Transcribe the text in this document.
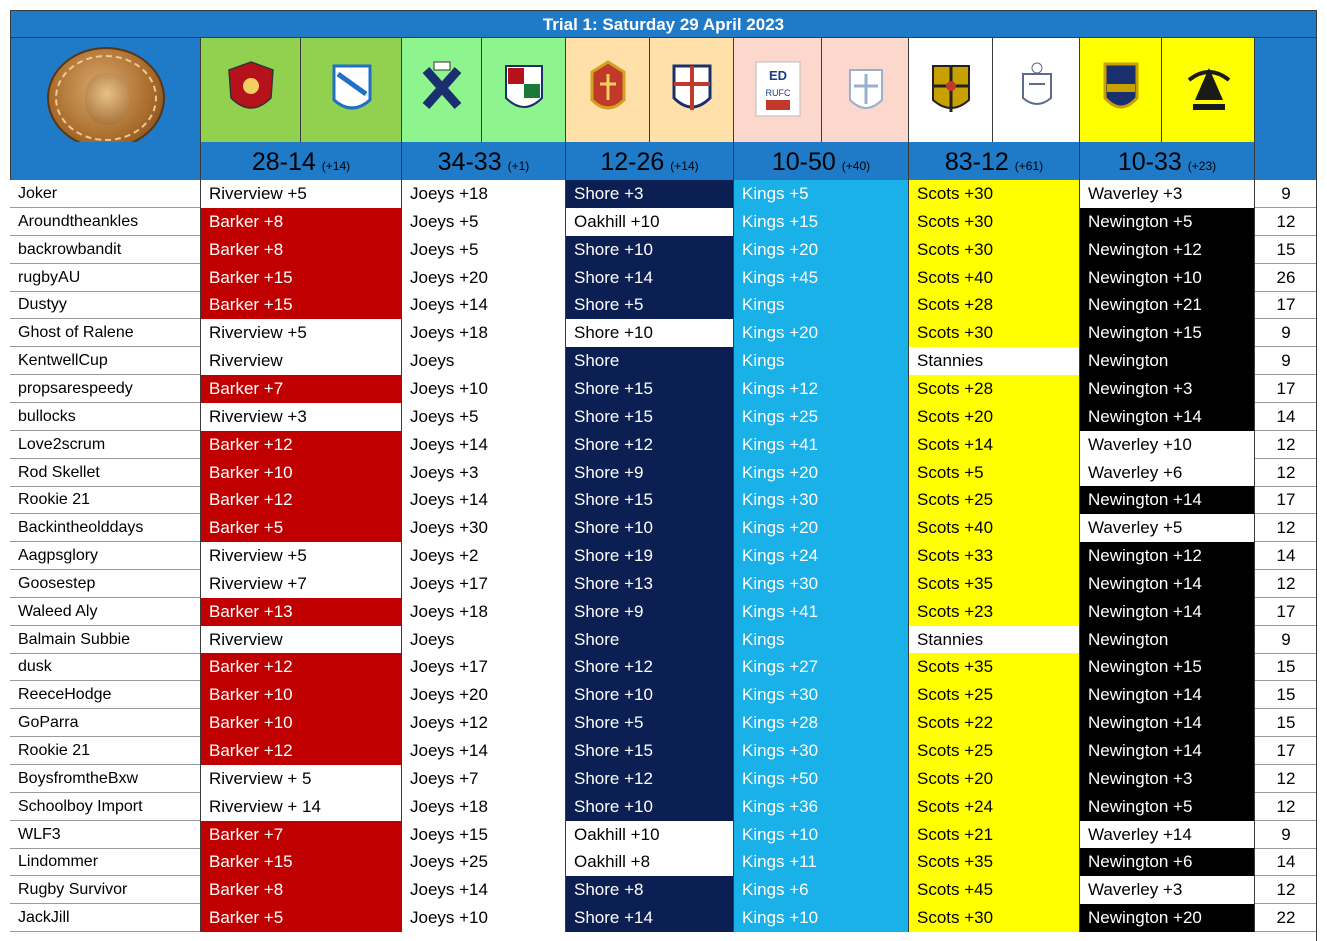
Trial 1: Saturday 29 April 2023
ED
RUFC
28-14 (+14)	34-33 (+1)	12-26 (+14)	10-50 (+40)	83-12 (+61)	10-33 (+23)
Joker	Riverview +5	Joeys +18	Shore +3	Kings +5	Scots +30	Waverley +3	9
Aroundtheankles	Barker +8	Joeys +5	Oakhill +10	Kings +15	Scots +30	Newington +5	12
backrowbandit	Barker +8	Joeys +5	Shore +10	Kings +20	Scots +30	Newington +12	15
rugbyAU	Barker +15	Joeys +20	Shore +14	Kings +45	Scots +40	Newington +10	26
Dustyy	Barker +15	Joeys +14	Shore +5	Kings	Scots +28	Newington +21	17
Ghost of Ralene	Riverview +5	Joeys +18	Shore +10	Kings +20	Scots +30	Newington +15	9
KentwellCup	Riverview	Joeys	Shore	Kings	Stannies	Newington	9
propsarespeedy	Barker +7	Joeys +10	Shore +15	Kings +12	Scots +28	Newington +3	17
bullocks	Riverview +3	Joeys +5	Shore +15	Kings +25	Scots +20	Newington +14	14
Love2scrum	Barker +12	Joeys +14	Shore +12	Kings +41	Scots +14	Waverley +10	12
Rod Skellet	Barker +10	Joeys +3	Shore +9	Kings +20	Scots +5	Waverley +6	12
Rookie 21	Barker +12	Joeys +14	Shore +15	Kings +30	Scots +25	Newington +14	17
Backintheolddays	Barker +5	Joeys +30	Shore +10	Kings +20	Scots +40	Waverley +5	12
Aagpsglory	Riverview +5	Joeys +2	Shore +19	Kings +24	Scots +33	Newington +12	14
Goosestep	Riverview +7	Joeys +17	Shore +13	Kings +30	Scots +35	Newington +14	12
Waleed Aly	Barker +13	Joeys +18	Shore +9	Kings +41	Scots +23	Newington +14	17
Balmain Subbie	Riverview	Joeys	Shore	Kings	Stannies	Newington	9
dusk	Barker +12	Joeys +17	Shore +12	Kings +27	Scots +35	Newington +15	15
ReeceHodge	Barker +10	Joeys +20	Shore +10	Kings +30	Scots +25	Newington +14	15
GoParra	Barker +10	Joeys +12	Shore +5	Kings +28	Scots +22	Newington +14	15
Rookie 21	Barker +12	Joeys +14	Shore +15	Kings +30	Scots +25	Newington +14	17
BoysfromtheBxw	Riverview + 5	Joeys +7	Shore +12	Kings +50	Scots +20	Newington +3	12
Schoolboy Import	Riverview + 14	Joeys +18	Shore +10	Kings +36	Scots +24	Newington +5	12
WLF3	Barker +7	Joeys +15	Oakhill +10	Kings +10	Scots +21	Waverley +14	9
Lindommer	Barker +15	Joeys +25	Oakhill +8	Kings +11	Scots +35	Newington +6	14
Rugby Survivor	Barker +8	Joeys +14	Shore +8	Kings +6	Scots +45	Waverley +3	12
JackJill	Barker +5	Joeys +10	Shore +14	Kings +10	Scots +30	Newington +20	22
